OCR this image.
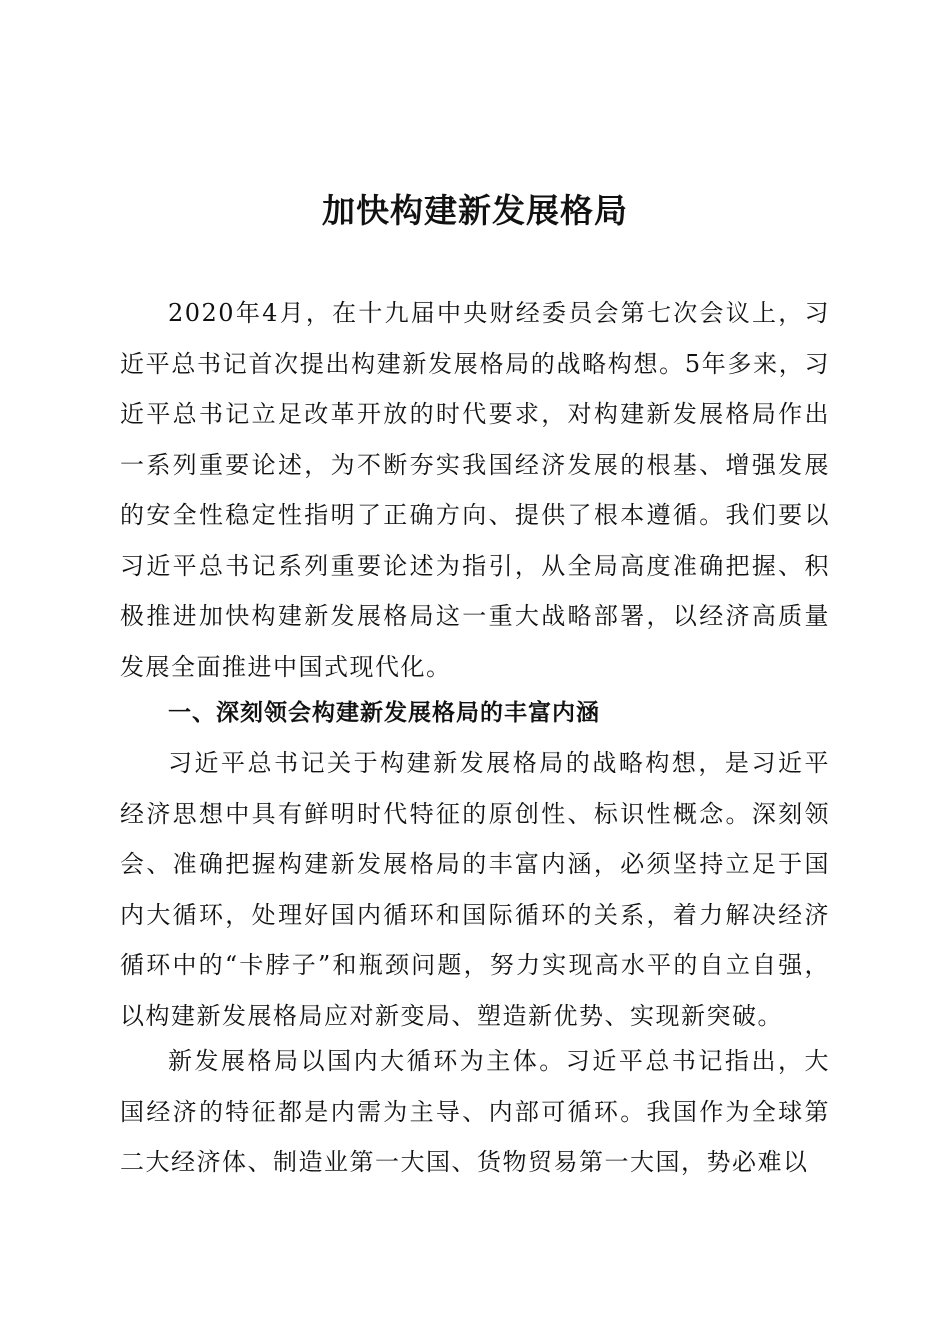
加快构建新发展格局

2020年4月，在十九届中央财经委员会第七次会议上，习近平总书记首次提出构建新发展格局的战略构想。5年多来，习近平总书记立足改革开放的时代要求，对构建新发展格局作出一系列重要论述，为不断夯实我国经济发展的根基、增强发展的安全性稳定性指明了正确方向、提供了根本遵循。我们要以习近平总书记系列重要论述为指引，从全局高度准确把握、积极推进加快构建新发展格局这一重大战略部署，以经济高质量发展全面推进中国式现代化。

一、深刻领会构建新发展格局的丰富内涵

习近平总书记关于构建新发展格局的战略构想，是习近平经济思想中具有鲜明时代特征的原创性、标识性概念。深刻领会、准确把握构建新发展格局的丰富内涵，必须坚持立足于国内大循环，处理好国内循环和国际循环的关系，着力解决经济循环中的“卡脖子”和瓶颈问题，努力实现高水平的自立自强，以构建新发展格局应对新变局、塑造新优势、实现新突破。

新发展格局以国内大循环为主体。习近平总书记指出，大国经济的特征都是内需为主导、内部可循环。我国作为全球第二大经济体、制造业第一大国、货物贸易第一大国，势必难以
